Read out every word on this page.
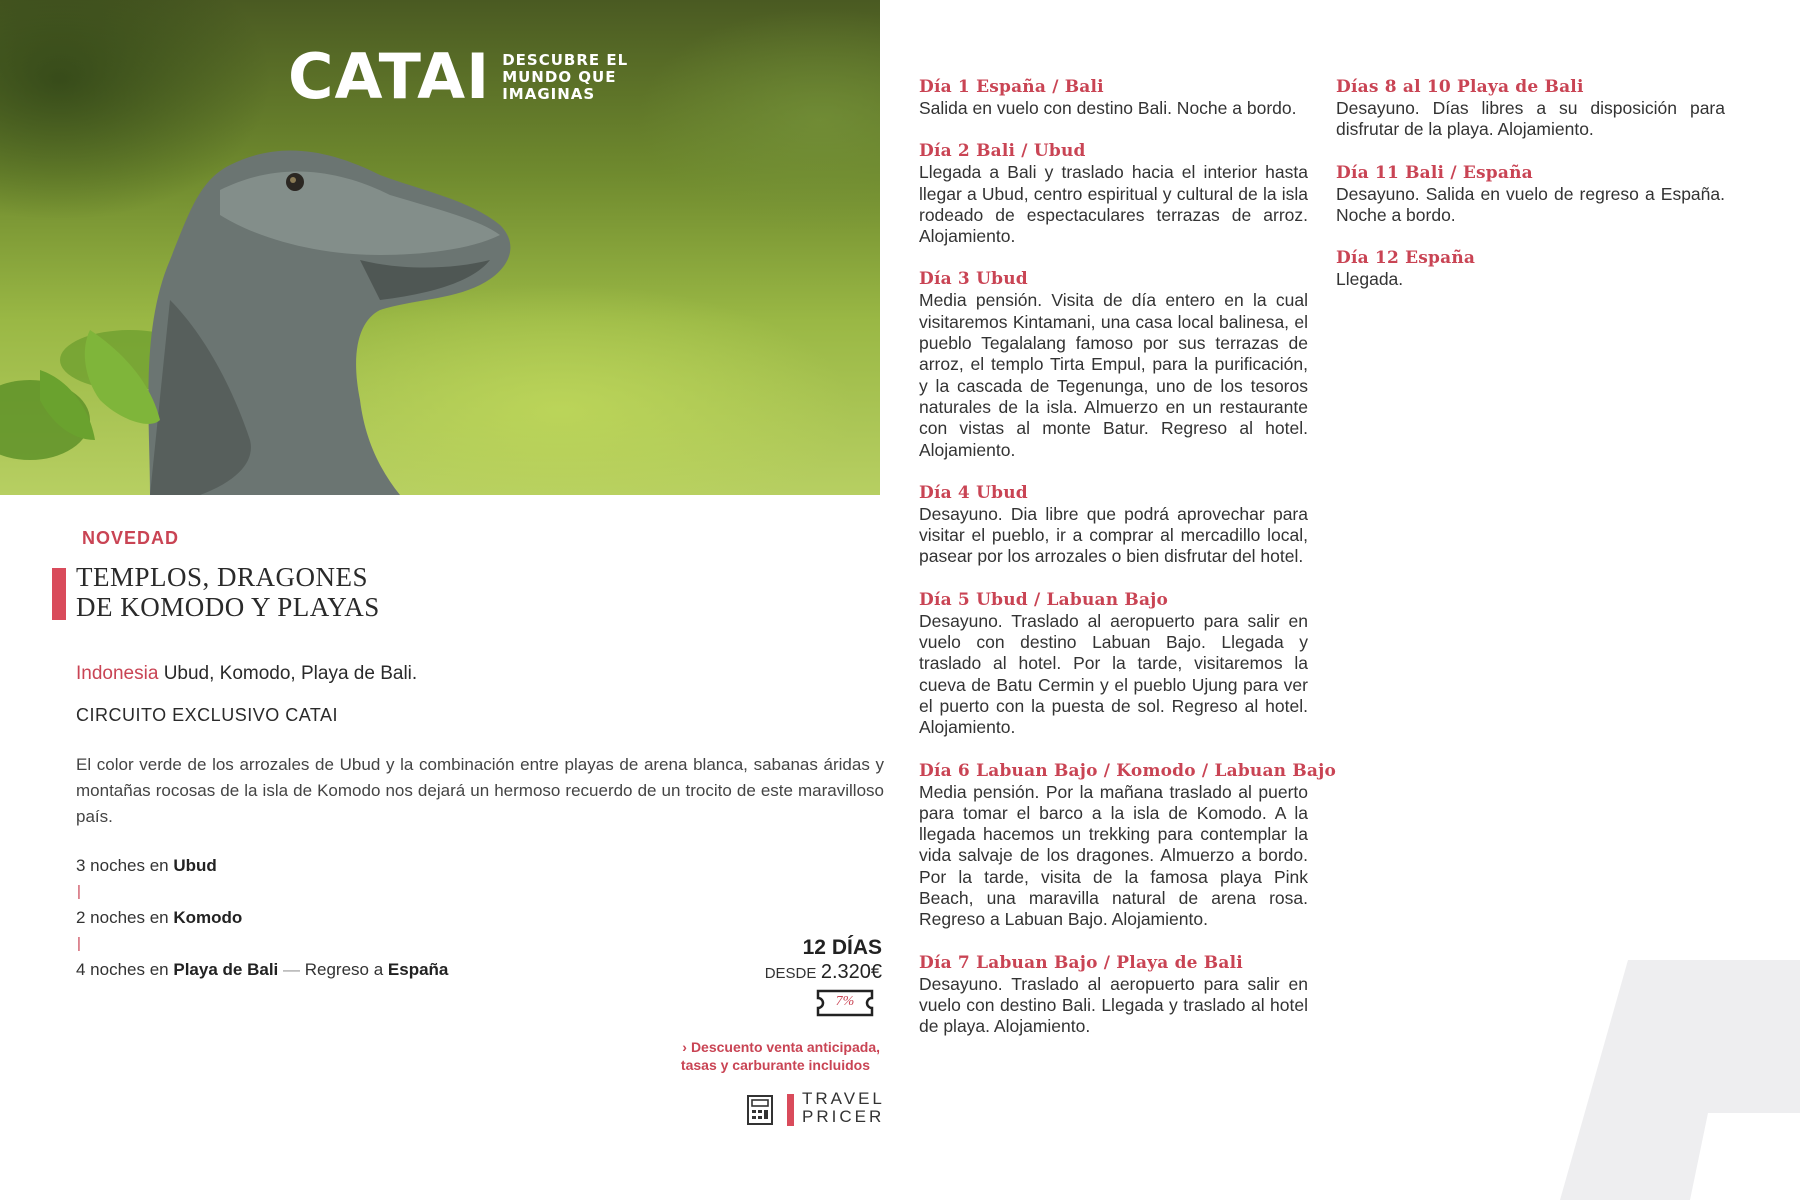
CATAI DESCUBRE EL
MUNDO QUE
IMAGINAS
NOVEDAD
TEMPLOS, DRAGONES
DE KOMODO Y PLAYAS
Indonesia Ubud, Komodo, Playa de Bali.
CIRCUITO EXCLUSIVO CATAI
El color verde de los arrozales de Ubud y la combinación entre playas de arena blanca, sabanas áridas y montañas rocosas de la isla de Komodo nos dejará un hermoso recuerdo de un trocito de este maravilloso país.
3 noches en Ubud
|
2 noches en Komodo
|
4 noches en Playa de Bali — Regreso a España
12 DÍAS
DESDE 2.320€
7%
› Descuento venta anticipada,
tasas y carburante incluidos
TRAVEL
PRICER
Día 1 España / Bali

Salida en vuelo con destino Bali. Noche a bordo.

Día 2 Bali / Ubud

Llegada a Bali y traslado hacia el interior hasta llegar a Ubud, centro espiritual y cultural de la isla rodeado de espectaculares terrazas de arroz. Alojamiento.

Día 3 Ubud

Media pensión. Visita de día entero en la cual visitaremos Kintamani, una casa local balinesa, el pueblo Tegalalang famoso por sus terrazas de arroz, el templo Tirta Empul, para la purificación, y la cascada de Tegenunga, uno de los tesoros naturales de la isla. Almuerzo en un restaurante con vistas al monte Batur. Regreso al hotel. Alojamiento.

Día 4 Ubud

Desayuno. Dia libre que podrá aprovechar para visitar el pueblo, ir a comprar al mercadillo local, pasear por los arrozales o bien disfrutar del hotel.

Día 5 Ubud / Labuan Bajo

Desayuno. Traslado al aeropuerto para salir en vuelo con destino Labuan Bajo. Llegada y traslado al hotel. Por la tarde, visitaremos la cueva de Batu Cermin y el pueblo Ujung para ver el puerto con la puesta de sol. Regreso al hotel. Alojamiento.

Día 6 Labuan Bajo / Komodo / Labuan Bajo

Media pensión. Por la mañana traslado al puerto para tomar el barco a la isla de Komodo. A la llegada hacemos un trekking para contemplar la vida salvaje de los dragones. Almuerzo a bordo. Por la tarde, visita de la famosa playa Pink Beach, una maravilla natural de arena rosa. Regreso a Labuan Bajo. Alojamiento.

Día 7 Labuan Bajo / Playa de Bali

Desayuno. Traslado al aeropuerto para salir en vuelo con destino Bali. Llegada y traslado al hotel de playa. Alojamiento.

Días 8 al 10 Playa de Bali

Desayuno. Días libres a su disposición para disfrutar de la playa. Alojamiento.

Día 11 Bali / España

Desayuno. Salida en vuelo de regreso a España. Noche a bordo.

Día 12 España

Llegada.
